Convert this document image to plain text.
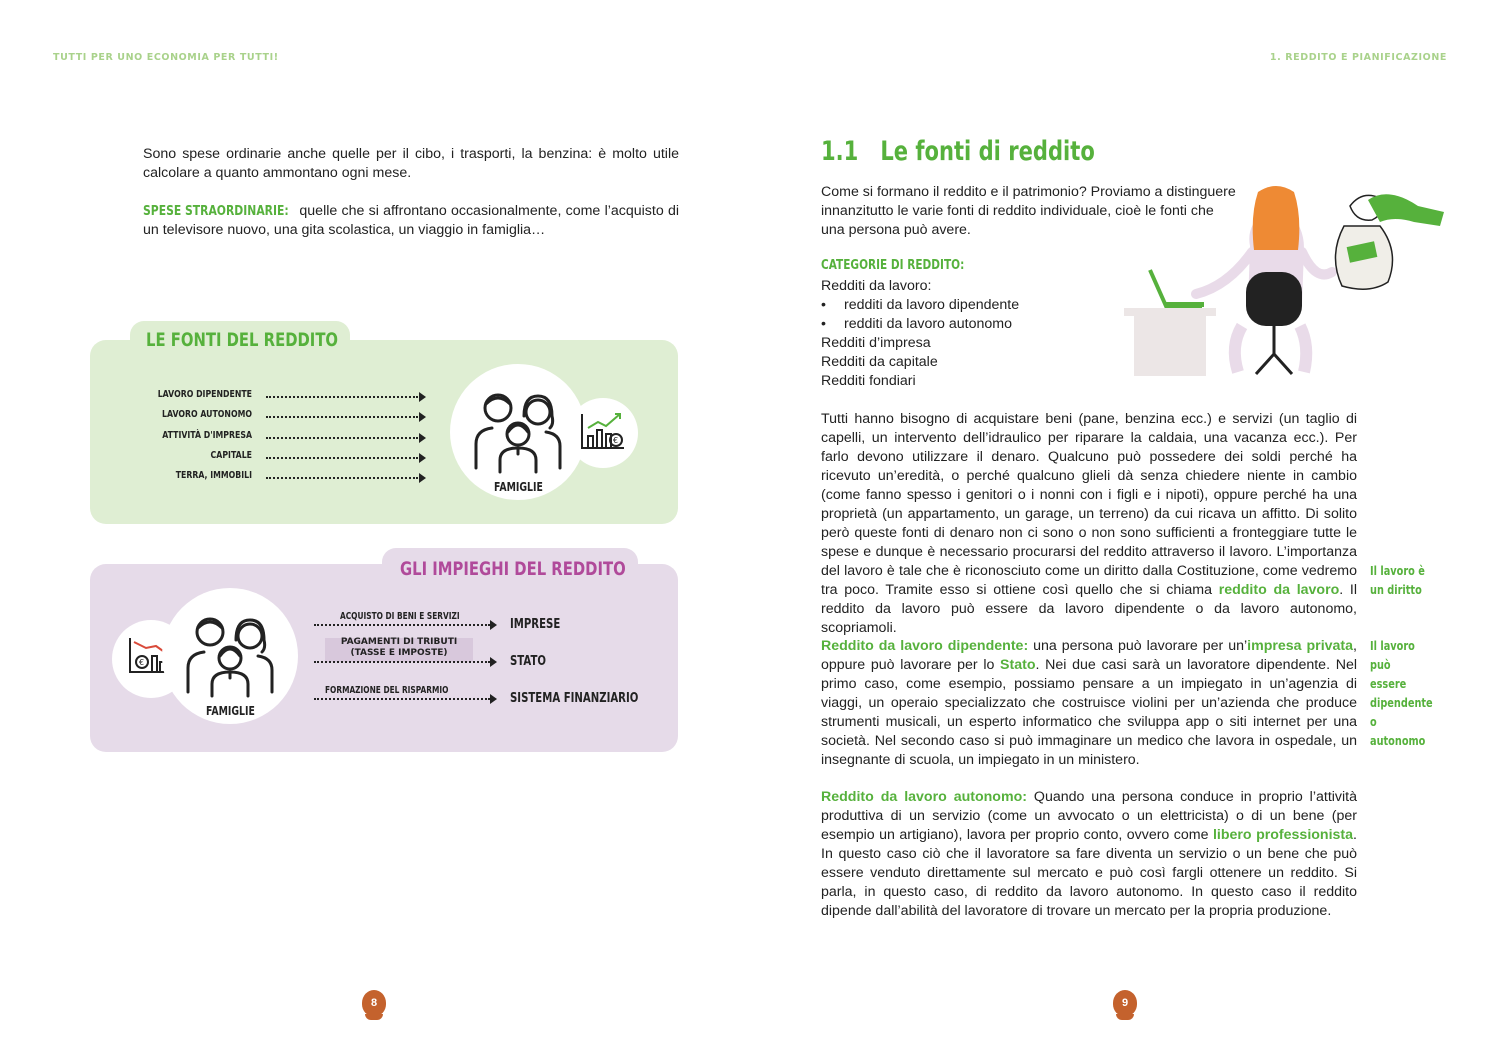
TUTTI PER UNO ECONOMIA PER TUTTI!	1. REDDITO E PIANIFICAZIONE
Sono spese ordinarie anche quelle per il cibo, i trasporti, la benzina: è molto utile calcolare a quanto ammontano ogni mese.
SPESE STRAORDINARIE: quelle che si affrontano occasionalmente, come l’acquisto di un televisore nuovo, una gita scolastica, un viaggio in famiglia…
LE FONTI DEL REDDITO
LAVORO DIPENDENTE
LAVORO AUTONOMO
ATTIVITÀ D'IMPRESA
CAPITALE
TERRA, IMMOBILI
FAMIGLIE
€
GLI IMPIEGHI DEL REDDITO
€
FAMIGLIE
ACQUISTO DI BENI E SERVIZI
IMPRESE
PAGAMENTI DI TRIBUTI
(TASSE E IMPOSTE)
STATO
FORMAZIONE DEL RISPARMIO
SISTEMA FINANZIARIO
8
1.1 Le fonti di reddito
Come si formano il reddito e il patrimonio? Proviamo a distinguere innanzitutto le varie fonti di reddito individuale, cioè le fonti che una persona può avere.
CATEGORIE DI REDDITO:
Redditi da lavoro:
• redditi da lavoro dipendente
• redditi da lavoro autonomo
Redditi d’impresa
Redditi da capitale
Redditi fondiari
Tutti hanno bisogno di acquistare beni (pane, benzina ecc.) e servizi (un taglio di capelli, un intervento dell’idraulico per riparare la caldaia, una vacanza ecc.). Per farlo devono utilizzare il denaro. Qualcuno può possedere dei soldi perché ha ricevuto un’eredità, o perché qualcuno glieli dà senza chiedere niente in cambio (come fanno spesso i genitori o i nonni con i figli e i nipoti), oppure perché ha una proprietà (un appartamento, un garage, un terreno) da cui ricava un affitto. Di solito però queste fonti di denaro non ci sono o non sono sufficienti a fronteggiare tutte le spese e dunque è necessario procurarsi del reddito attraverso il lavoro. L’importanza del lavoro è tale che è riconosciuto come un diritto dalla Costituzione, come vedremo tra poco. Tramite esso si ottiene così quello che si chiama reddito da lavoro. Il reddito da lavoro può essere da lavoro dipendente o da lavoro autonomo, scopriamoli.
Reddito da lavoro dipendente: una persona può lavorare per un’impresa privata, oppure può lavorare per lo Stato. Nei due casi sarà un lavoratore dipendente. Nel primo caso, come esempio, possiamo pensare a un impiegato in un’agenzia di viaggi, un operaio specializzato che costruisce violini per un’azienda che produce strumenti musicali, un esperto informatico che sviluppa app o siti internet per una società. Nel secondo caso si può immaginare un medico che lavora in ospedale, un insegnante di scuola, un impiegato in un ministero.
Reddito da lavoro autonomo: Quando una persona conduce in proprio l’attività produttiva di un servizio (come un avvocato o un elettricista) o di un bene (per esempio un artigiano), lavora per proprio conto, ovvero come libero professionista. In questo caso ciò che il lavoratore sa fare diventa un servizio o un bene che può essere venduto direttamente sul mercato e può così fargli ottenere un reddito. Si parla, in questo caso, di reddito da lavoro autonomo. In questo caso il reddito dipende dall’abilità del lavoratore di trovare un mercato per la propria produzione.
Il lavoro è un diritto
Il lavoro può essere dipendente o autonomo
9
